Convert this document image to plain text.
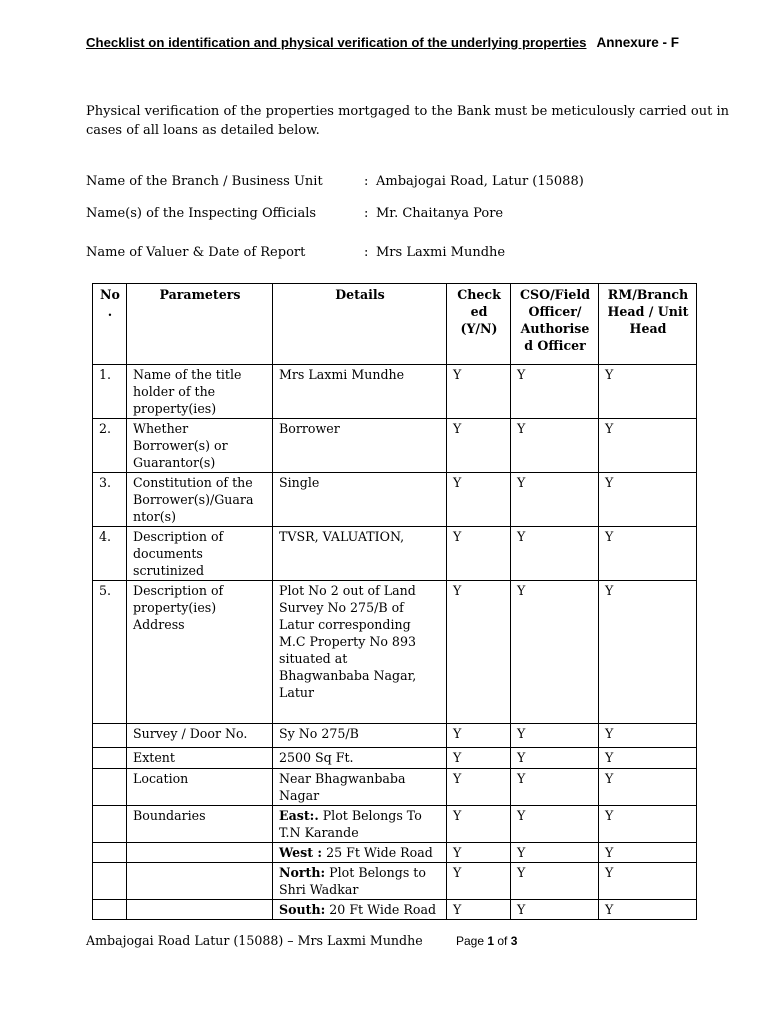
Checklist on identification and physical verification of the underlying properties Annexure - F
Physical verification of the properties mortgaged to the Bank must be meticulously carried out in cases of all loans as detailed below.
Name of the Branch / Business Unit	: Ambajogai Road, Latur (15088)
Name(s) of the Inspecting Officials	: Mr. Chaitanya Pore
Name of Valuer & Date of Report	: Mrs Laxmi Mundhe
No .	Parameters	Details	Check ed (Y/N)	CSO/Field Officer/ Authorise d Officer	RM/Branch Head / Unit Head
1.	Name of the title holder of the property(ies)	Mrs Laxmi Mundhe	Y	Y	Y
2.	Whether Borrower(s) or Guarantor(s)	Borrower	Y	Y	Y
3.	Constitution of the Borrower(s)/Guara ntor(s)	Single	Y	Y	Y
4.	Description of documents scrutinized	TVSR, VALUATION,	Y	Y	Y
5.	Description of property(ies) Address	Plot No 2 out of Land Survey No 275/B of Latur corresponding M.C Property No 893 situated at Bhagwanbaba Nagar, Latur	Y	Y	Y
	Survey / Door No.	Sy No 275/B	Y	Y	Y
	Extent	2500 Sq Ft.	Y	Y	Y
	Location	Near Bhagwanbaba Nagar	Y	Y	Y
	Boundaries	East:. Plot Belongs To T.N Karande	Y	Y	Y
		West : 25 Ft Wide Road	Y	Y	Y
		North: Plot Belongs to Shri Wadkar	Y	Y	Y
		South: 20 Ft Wide Road	Y	Y	Y
Ambajogai Road Latur (15088) – Mrs Laxmi Mundhe	Page 1 of 3
